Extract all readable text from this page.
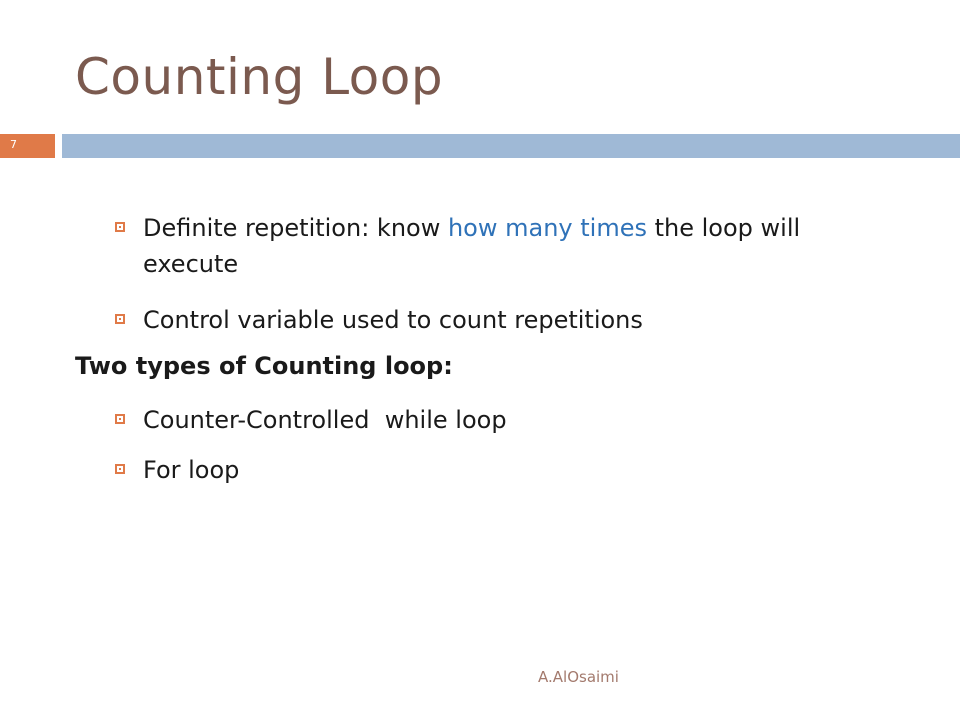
Counting Loop
7
Definite repetition: know how many times the loop will execute
Control variable used to count repetitions
Two types of Counting loop:
Counter-Controlled  while loop
For loop
A.AlOsaimi
